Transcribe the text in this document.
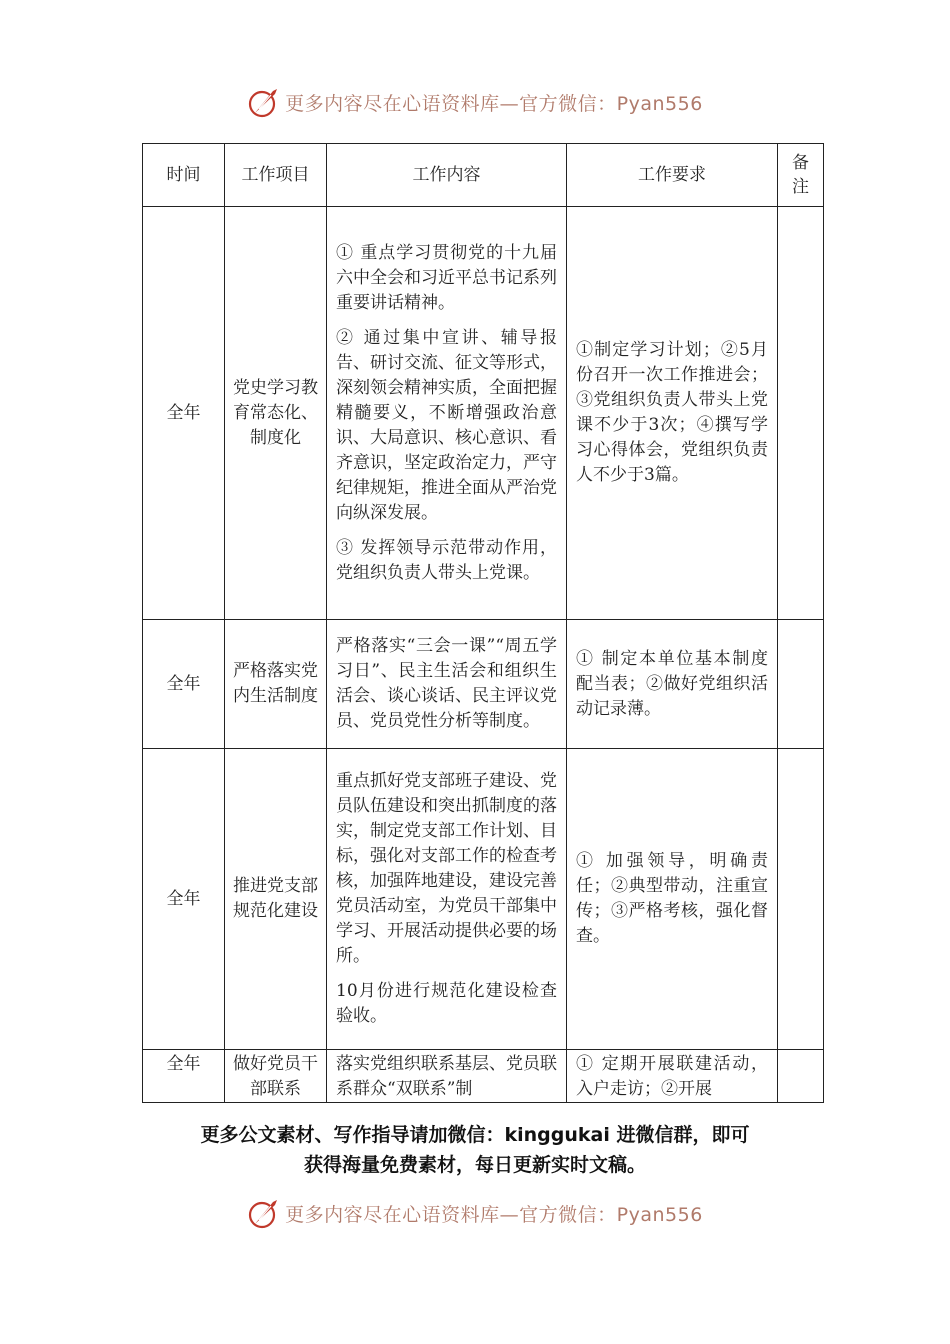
更多内容尽在心语资料库—官方微信：Pyan556
时间	工作项目	工作内容	工作要求	备
注
全年	党史学习教育常态化、制度化	① 重点学习贯彻党的十九届六中全会和习近平总书记系列重要讲话精神。

② 通过集中宣讲、辅导报告、研讨交流、征文等形式，深刻领会精神实质，全面把握精髓要义，不断增强政治意识、大局意识、核心意识、看齐意识，坚定政治定力，严守纪律规矩，推进全面从严治党向纵深发展。

③ 发挥领导示范带动作用，党组织负责人带头上党课。	①制定学习计划；②5月份召开一次工作推进会；③党组织负责人带头上党课不少于3次；④撰写学习心得体会，党组织负责人不少于3篇。	
全年	严格落实党内生活制度	严格落实“三会一课”“周五学习日”、民主生活会和组织生活会、谈心谈话、民主评议党员、党员党性分析等制度。	① 制定本单位基本制度配当表；②做好党组织活动记录薄。	
全年	推进党支部规范化建设	重点抓好党支部班子建设、党员队伍建设和突出抓制度的落实，制定党支部工作计划、目标，强化对支部工作的检查考核，加强阵地建设，建设完善党员活动室，为党员干部集中学习、开展活动提供必要的场所。

10月份进行规范化建设检查验收。	① 加强领导，明确责任；②典型带动，注重宣传；③严格考核，强化督查。	

全年	做好党员干部联系	落实党组织联系基层、党员联系群众“双联系”制	① 定期开展联建活动，入户走访；②开展	

更多公文素材、写作指导请加微信：kinggukai 进微信群，即可
获得海量免费素材，每日更新实时文稿。
更多内容尽在心语资料库—官方微信：Pyan556
